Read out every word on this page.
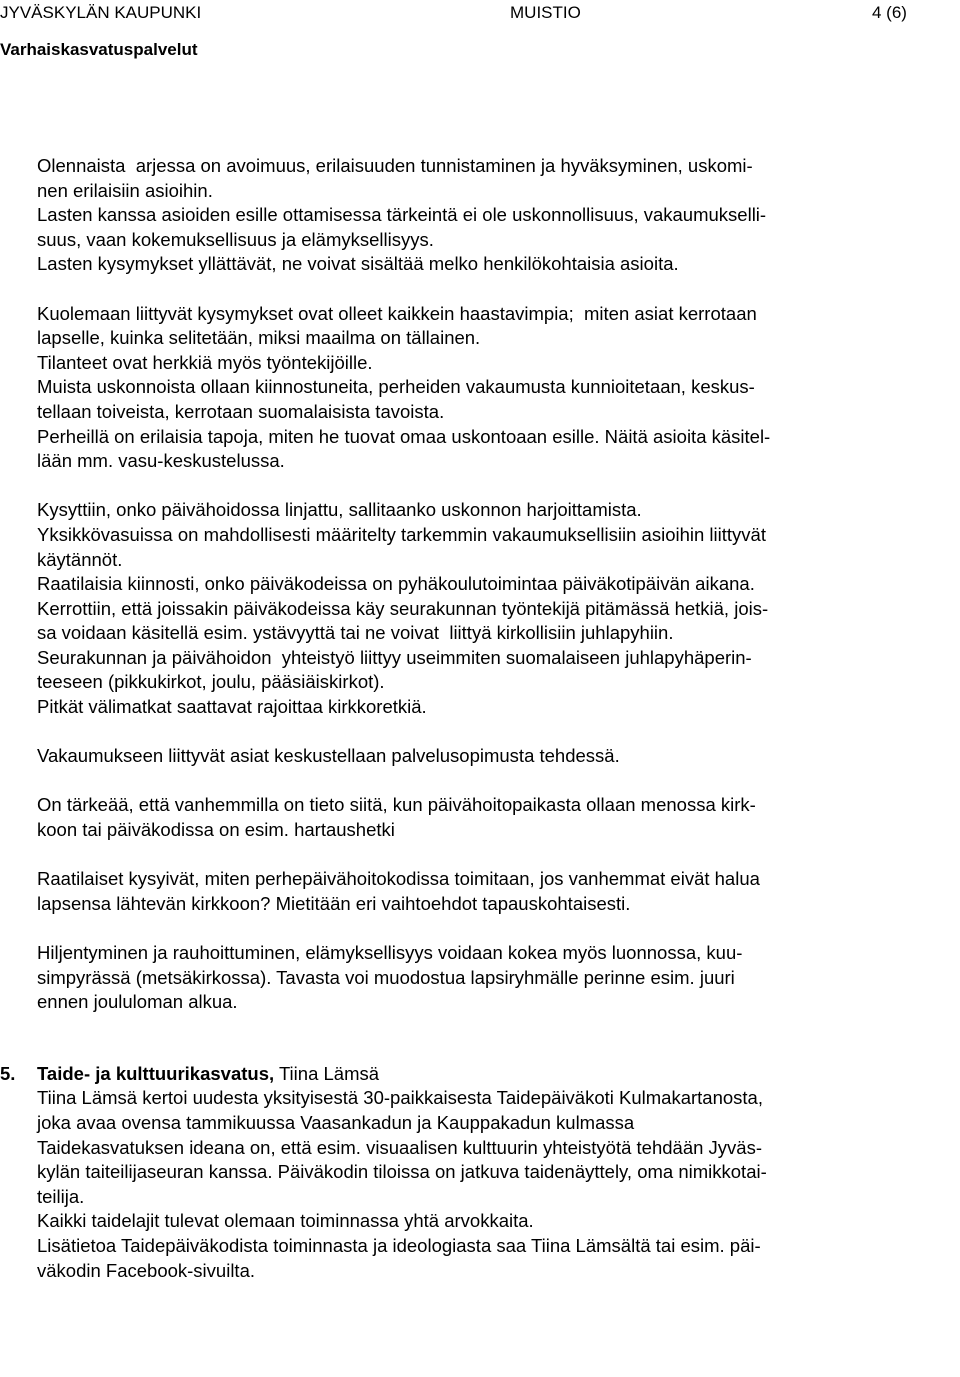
JYVÄSKYLÄN KAUPUNKI	MUISTIO	4 (6)
Varhaiskasvatuspalvelut
Olennaista  arjessa on avoimuus, erilaisuuden tunnistaminen ja hyväksyminen, uskomi-
nen erilaisiin asioihin.
Lasten kanssa asioiden esille ottamisessa tärkeintä ei ole uskonnollisuus, vakaumukselli-
suus, vaan kokemuksellisuus ja elämyksellisyys.
Lasten kysymykset yllättävät, ne voivat sisältää melko henkilökohtaisia asioita.
Kuolemaan liittyvät kysymykset ovat olleet kaikkein haastavimpia;  miten asiat kerrotaan
lapselle, kuinka selitetään, miksi maailma on tällainen.
Tilanteet ovat herkkiä myös työntekijöille.
Muista uskonnoista ollaan kiinnostuneita, perheiden vakaumusta kunnioitetaan, keskus-
tellaan toiveista, kerrotaan suomalaisista tavoista.
Perheillä on erilaisia tapoja, miten he tuovat omaa uskontoaan esille. Näitä asioita käsitel-
lään mm. vasu-keskustelussa.
Kysyttiin, onko päivähoidossa linjattu, sallitaanko uskonnon harjoittamista.
Yksikkövasuissa on mahdollisesti määritelty tarkemmin vakaumuksellisiin asioihin liittyvät
käytännöt.
Raatilaisia kiinnosti, onko päiväkodeissa on pyhäkoulutoimintaa päiväkotipäivän aikana.
Kerrottiin, että joissakin päiväkodeissa käy seurakunnan työntekijä pitämässä hetkiä, jois-
sa voidaan käsitellä esim. ystävyyttä tai ne voivat  liittyä kirkollisiin juhlapyhiin.
Seurakunnan ja päivähoidon  yhteistyö liittyy useimmiten suomalaiseen juhlapyhäperin-
teeseen (pikkukirkot, joulu, pääsiäiskirkot).
Pitkät välimatkat saattavat rajoittaa kirkkoretkiä.
Vakaumukseen liittyvät asiat keskustellaan palvelusopimusta tehdessä.
On tärkeää, että vanhemmilla on tieto siitä, kun päivähoitopaikasta ollaan menossa kirk-
koon tai päiväkodissa on esim. hartaushetki
Raatilaiset kysyivät, miten perhepäivähoitokodissa toimitaan, jos vanhemmat eivät halua
lapsensa lähtevän kirkkoon? Mietitään eri vaihtoehdot tapauskohtaisesti.
Hiljentyminen ja rauhoittuminen, elämyksellisyys voidaan kokea myös luonnossa, kuu-
simpyrässä (metsäkirkossa). Tavasta voi muodostua lapsiryhmälle perinne esim. juuri
ennen joululoman alkua.
5.	Taide- ja kulttuurikasvatus, Tiina Lämsä
Tiina Lämsä kertoi uudesta yksityisestä 30-paikkaisesta Taidepäiväkoti Kulmakartanosta,
joka avaa ovensa tammikuussa Vaasankadun ja Kauppakadun kulmassa
Taidekasvatuksen ideana on, että esim. visuaalisen kulttuurin yhteistyötä tehdään Jyväs-
kylän taiteilijaseuran kanssa. Päiväkodin tiloissa on jatkuva taidenäyttely, oma nimikkotai-
teilija.
Kaikki taidelajit tulevat olemaan toiminnassa yhtä arvokkaita.
Lisätietoa Taidepäiväkodista toiminnasta ja ideologiasta saa Tiina Lämsältä tai esim. päi-
väkodin Facebook-sivuilta.
